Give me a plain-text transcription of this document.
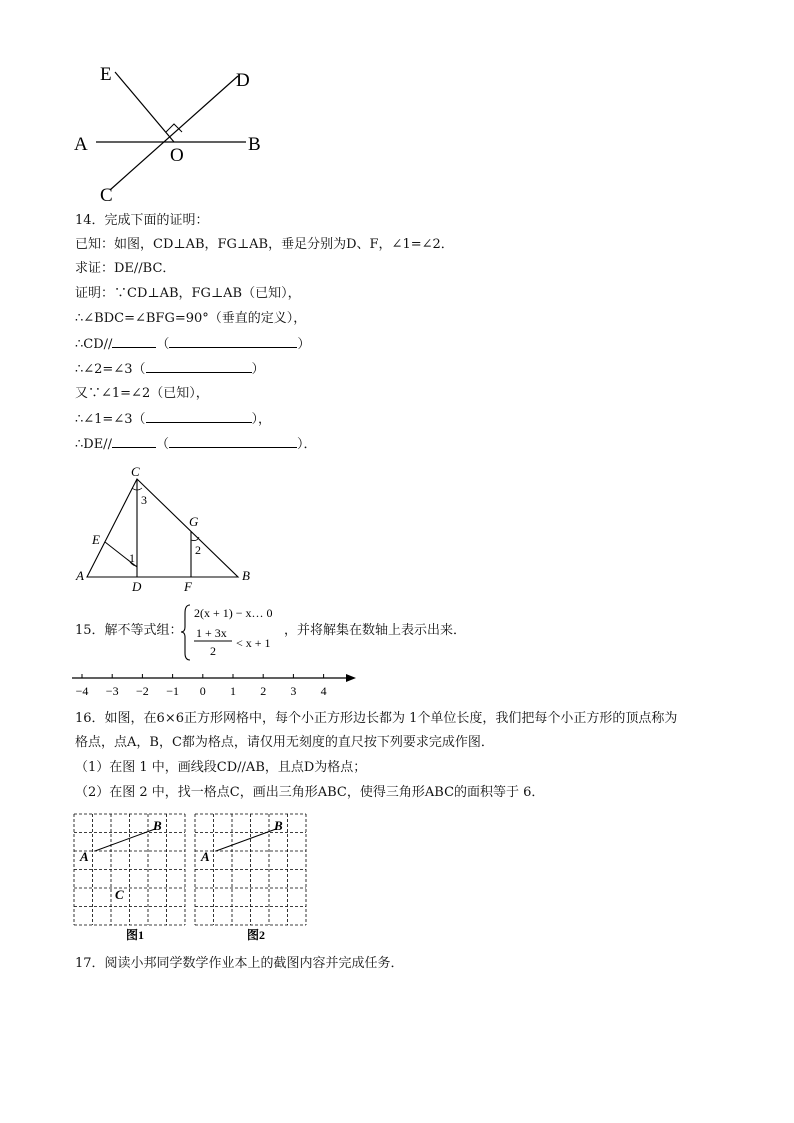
E	D
A	B
O
C
14．完成下面的证明：
已知：如图，CD⊥AB，FG⊥AB，垂足分别为D、F，∠1=∠2．
求证：DE//BC．
证明：∵CD⊥AB，FG⊥AB（已知），
∴∠BDC=∠BFG=90°（垂直的定义），
∴CD//	（	）
∴∠2=∠3（	）
又∵∠1=∠2（已知），
∴∠1=∠3（	），
∴DE//	（	）．
C
G
E
A
D	F
B
1
2
3
15．解不等式组：
2(x + 1) − x… 0
1 + 3x
2
< x + 1
，并将解集在数轴上表示出来．
−4 −3 −2 −1 0 1 2 3 4
16．如图，在6×6正方形网格中，每个小正方形边长都为 1个单位长度，我们把每个小正方形的顶点称为
格点，点A，B，C都为格点，请仅用无刻度的直尺按下列要求完成作图．
（1）在图 1 中，画线段CD//AB，且点D为格点；
（2）在图 2 中，找一格点C，画出三角形ABC，使得三角形ABC的面积等于 6．
A
B
C
图1
A
B
图2
17．阅读小邦同学数学作业本上的截图内容并完成任务．
